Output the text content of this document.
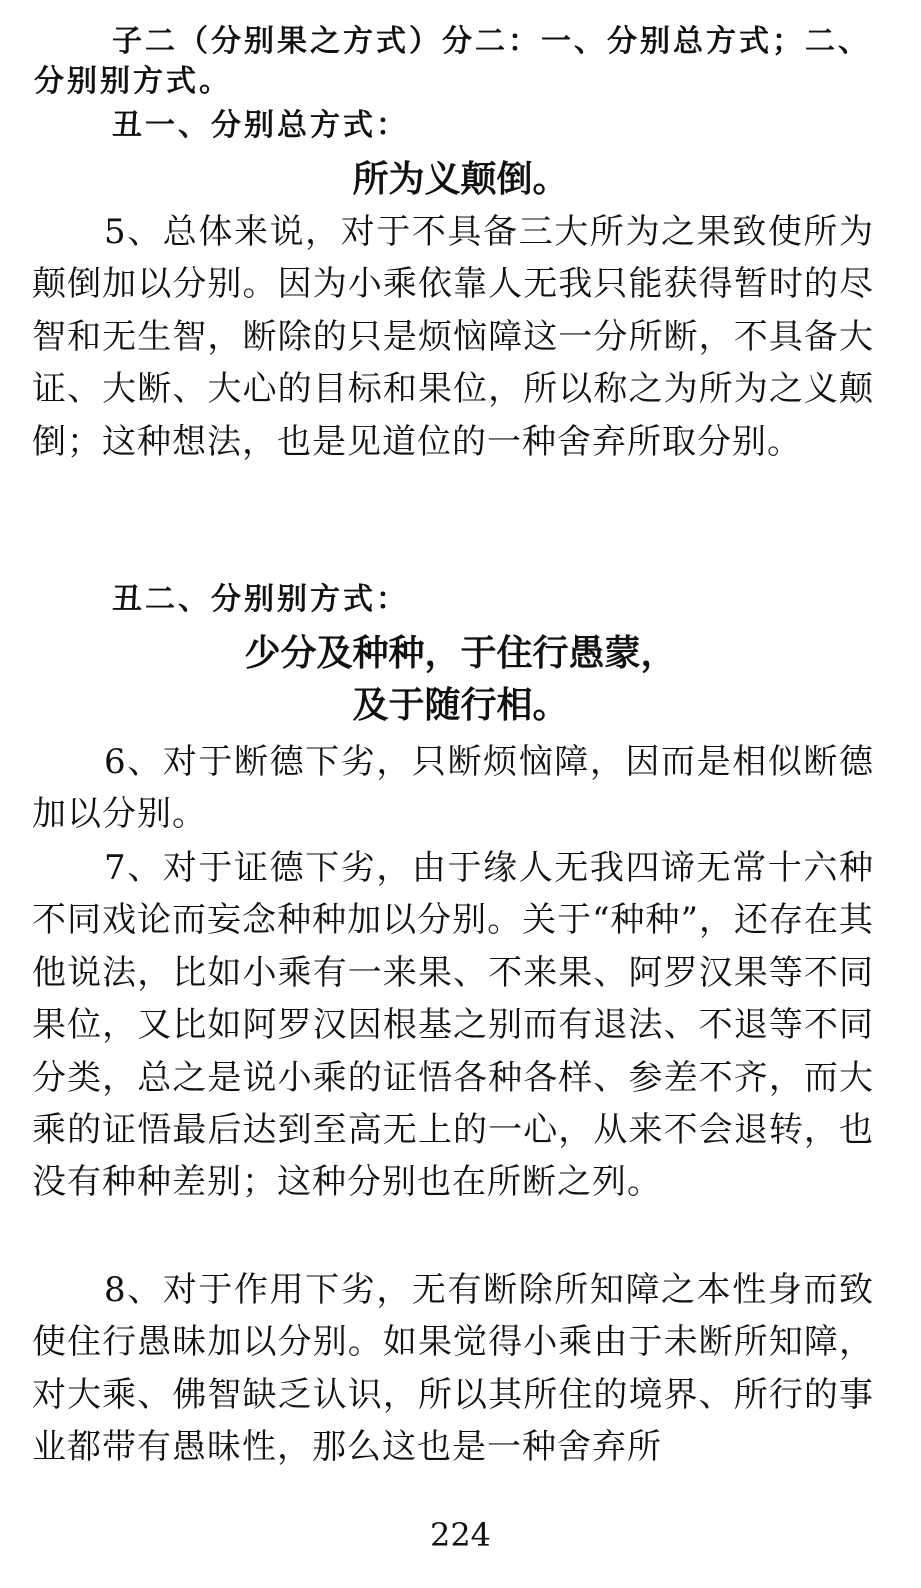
子二（分别果之方式）分二：一、分别总方式；二、分别别方式。

丑一、分别总方式：

所为义颠倒。

5、总体来说，对于不具备三大所为之果致使所为颠倒加以分别。因为小乘依靠人无我只能获得暂时的尽智和无生智，断除的只是烦恼障这一分所断，不具备大证、大断、大心的目标和果位，所以称之为所为之义颠倒；这种想法，也是见道位的一种舍弃所取分别。

丑二、分别别方式：

少分及种种，于住行愚蒙，
及于随行相。

6、对于断德下劣，只断烦恼障，因而是相似断德加以分别。

7、对于证德下劣，由于缘人无我四谛无常十六种不同戏论而妄念种种加以分别。关于“种种”，还存在其他说法，比如小乘有一来果、不来果、阿罗汉果等不同果位，又比如阿罗汉因根基之别而有退法、不退等不同分类，总之是说小乘的证悟各种各样、参差不齐，而大乘的证悟最后达到至高无上的一心，从来不会退转，也没有种种差别；这种分别也在所断之列。

8、对于作用下劣，无有断除所知障之本性身而致使住行愚昧加以分别。如果觉得小乘由于未断所知障，对大乘、佛智缺乏认识，所以其所住的境界、所行的事业都带有愚昧性，那么这也是一种舍弃所

224
